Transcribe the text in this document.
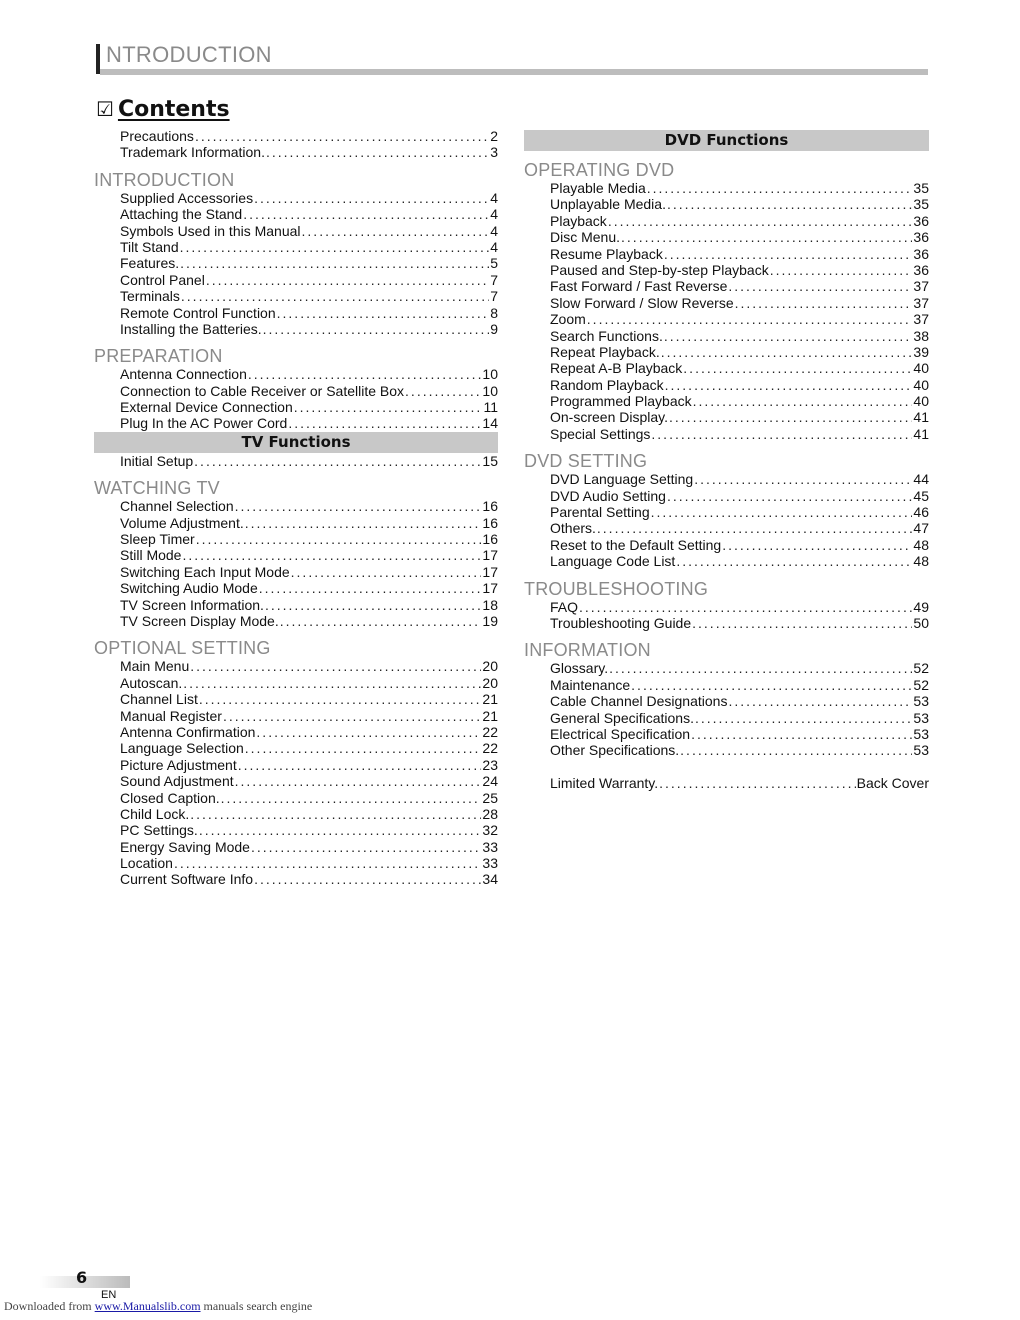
NTRODUCTION
☑ Contents
Precautions .....	2
Trademark Information. .....	3
INTRODUCTION
Supplied Accessories .....	4
Attaching the Stand .....	4
Symbols Used in this Manual .....	4
Tilt Stand .....	4
Features. .....	5
Control Panel .....	7
Terminals .....	7
Remote Control Function .....	8
Installing the Batteries. .....	9
PREPARATION
Antenna Connection .....	10
Connection to Cable Receiver or Satellite Box .....	10
External Device Connection .....	11
Plug In the AC Power Cord .....	14
TV Functions
Initial Setup .....	15
WATCHING TV
Channel Selection .....	16
Volume Adjustment. .....	16
Sleep Timer .....	16
Still Mode .....	17
Switching Each Input Mode .....	17
Switching Audio Mode .....	17
TV Screen Information. .....	18
TV Screen Display Mode. .....	19
OPTIONAL SETTING
Main Menu .....	20
Autoscan. .....	20
Channel List .....	21
Manual Register .....	21
Antenna Confirmation .....	22
Language Selection .....	22
Picture Adjustment .....	23
Sound Adjustment .....	24
Closed Caption. .....	25
Child Lock. .....	28
PC Settings. .....	32
Energy Saving Mode .....	33
Location .....	33
Current Software Info .....	34
DVD Functions
OPERATING DVD
Playable Media .....	35
Unplayable Media. .....	35
Playback .....	36
Disc Menu. .....	36
Resume Playback .....	36
Paused and Step-by-step Playback .....	36
Fast Forward / Fast Reverse .....	37
Slow Forward / Slow Reverse .....	37
Zoom .....	37
Search Functions. .....	38
Repeat Playback. .....	39
Repeat A-B Playback .....	40
Random Playback .....	40
Programmed Playback .....	40
On-screen Display. .....	41
Special Settings .....	41
DVD SETTING
DVD Language Setting .....	44
DVD Audio Setting .....	45
Parental Setting .....	46
Others. .....	47
Reset to the Default Setting .....	48
Language Code List .....	48
TROUBLESHOOTING
FAQ .....	49
Troubleshooting Guide .....	50
INFORMATION
Glossary. .....	52
Maintenance .....	52
Cable Channel Designations .....	53
General Specifications. .....	53
Electrical Specification .....	53
Other Specifications. .....	53
Limited Warranty. .....	Back Cover
6
EN
Downloaded from www.Manualslib.com manuals search engine
